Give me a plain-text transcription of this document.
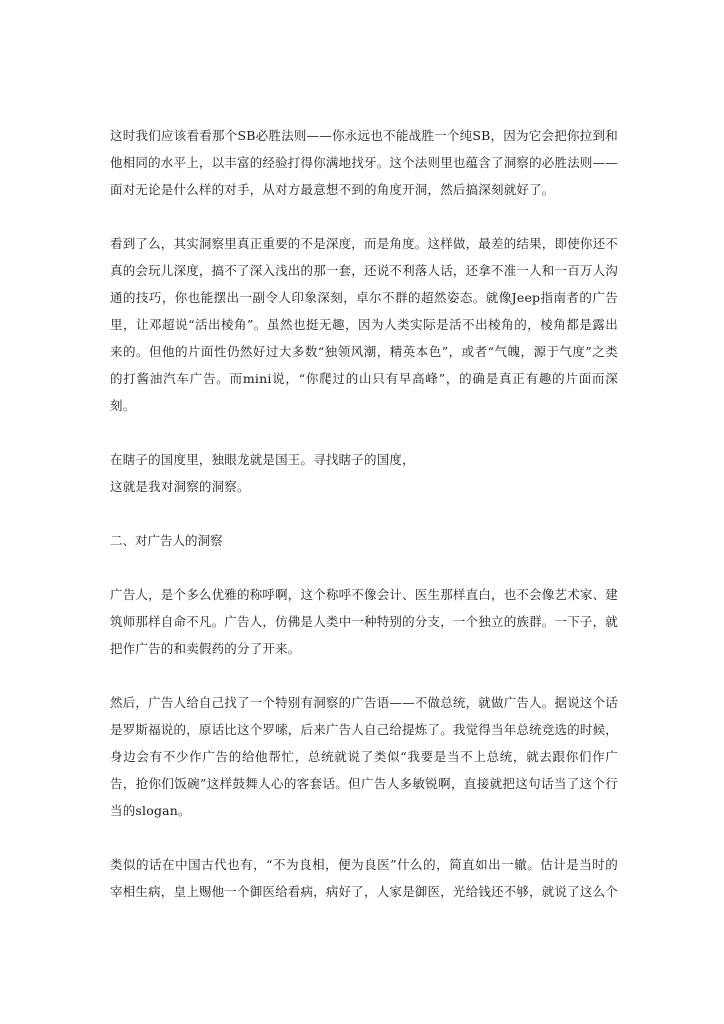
这时我们应该看看那个SB必胜法则——你永远也不能战胜一个纯SB，因为它会把你拉到和他相同的水平上，以丰富的经验打得你满地找牙。这个法则里也蕴含了洞察的必胜法则——面对无论是什么样的对手，从对方最意想不到的角度开洞，然后搞深刻就好了。

看到了么，其实洞察里真正重要的不是深度，而是角度。这样做，最差的结果，即使你还不真的会玩儿深度，搞不了深入浅出的那一套，还说不利落人话，还拿不准一人和一百万人沟通的技巧，你也能摆出一副令人印象深刻，卓尔不群的超然姿态。就像Jeep指南者的广告里，让邓超说“活出棱角”。虽然也挺无趣，因为人类实际是活不出棱角的，棱角都是露出来的。但他的片面性仍然好过大多数“独领风潮，精英本色”，或者“气魄，源于气度”之类的打酱油汽车广告。而mini说，“你爬过的山只有早高峰”，的确是真正有趣的片面而深刻。

在瞎子的国度里，独眼龙就是国王。寻找瞎子的国度，
这就是我对洞察的洞察。

二、对广告人的洞察

广告人，是个多么优雅的称呼啊，这个称呼不像会计、医生那样直白，也不会像艺术家、建筑师那样自命不凡。广告人，仿佛是人类中一种特别的分支，一个独立的族群。一下子，就把作广告的和卖假药的分了开来。

然后，广告人给自己找了一个特别有洞察的广告语——不做总统，就做广告人。据说这个话是罗斯福说的，原话比这个罗嗦，后来广告人自己给提炼了。我觉得当年总统竞选的时候，身边会有不少作广告的给他帮忙，总统就说了类似“我要是当不上总统，就去跟你们作广告，抢你们饭碗”这样鼓舞人心的客套话。但广告人多敏锐啊，直接就把这句话当了这个行当的slogan。

类似的话在中国古代也有，“不为良相，便为良医”什么的，简直如出一辙。估计是当时的宰相生病，皇上赐他一个御医给看病，病好了，人家是御医，光给钱还不够，就说了这么个
